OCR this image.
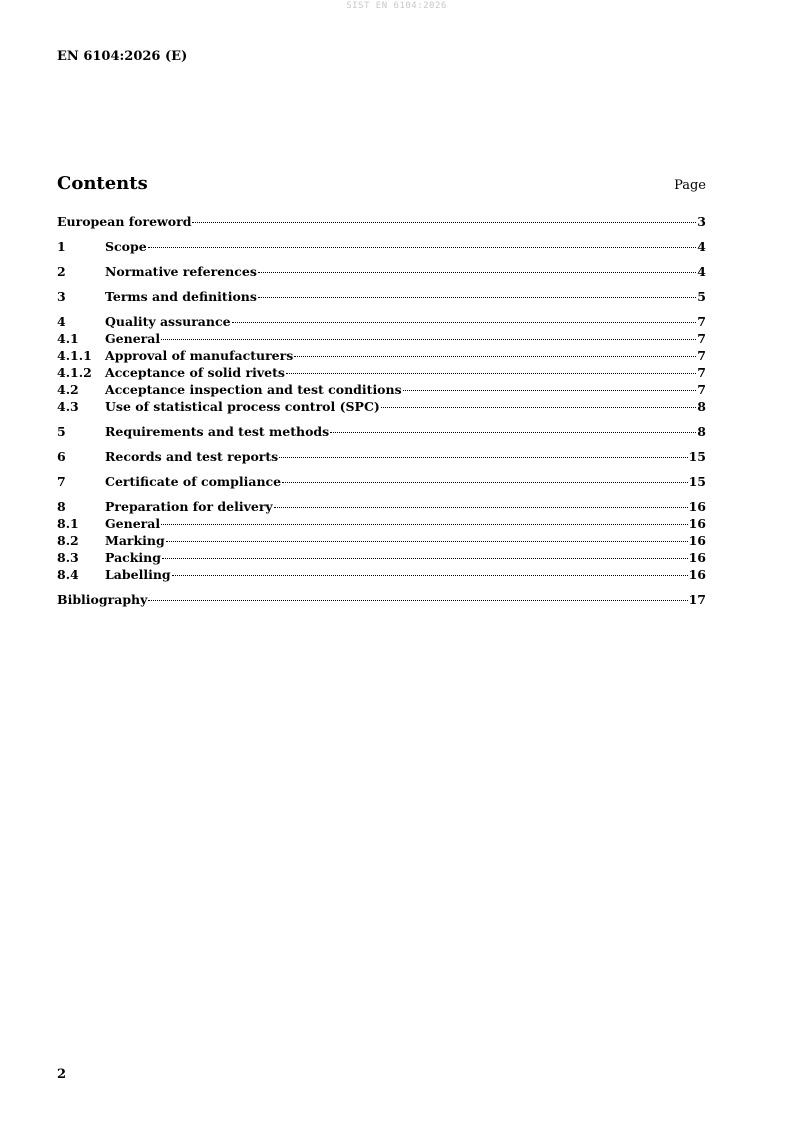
SIST EN 6104:2026
EN 6104:2026 (E)
Contents	Page
European foreword	3
1	Scope	4
2	Normative references	4
3	Terms and definitions	5
4	Quality assurance	7
4.1	General	7
4.1.1	Approval of manufacturers	7
4.1.2	Acceptance of solid rivets	7
4.2	Acceptance inspection and test conditions	7
4.3	Use of statistical process control (SPC)	8
5	Requirements and test methods	8
6	Records and test reports	15
7	Certificate of compliance	15
8	Preparation for delivery	16
8.1	General	16
8.2	Marking	16
8.3	Packing	16
8.4	Labelling	16
Bibliography	17
2
